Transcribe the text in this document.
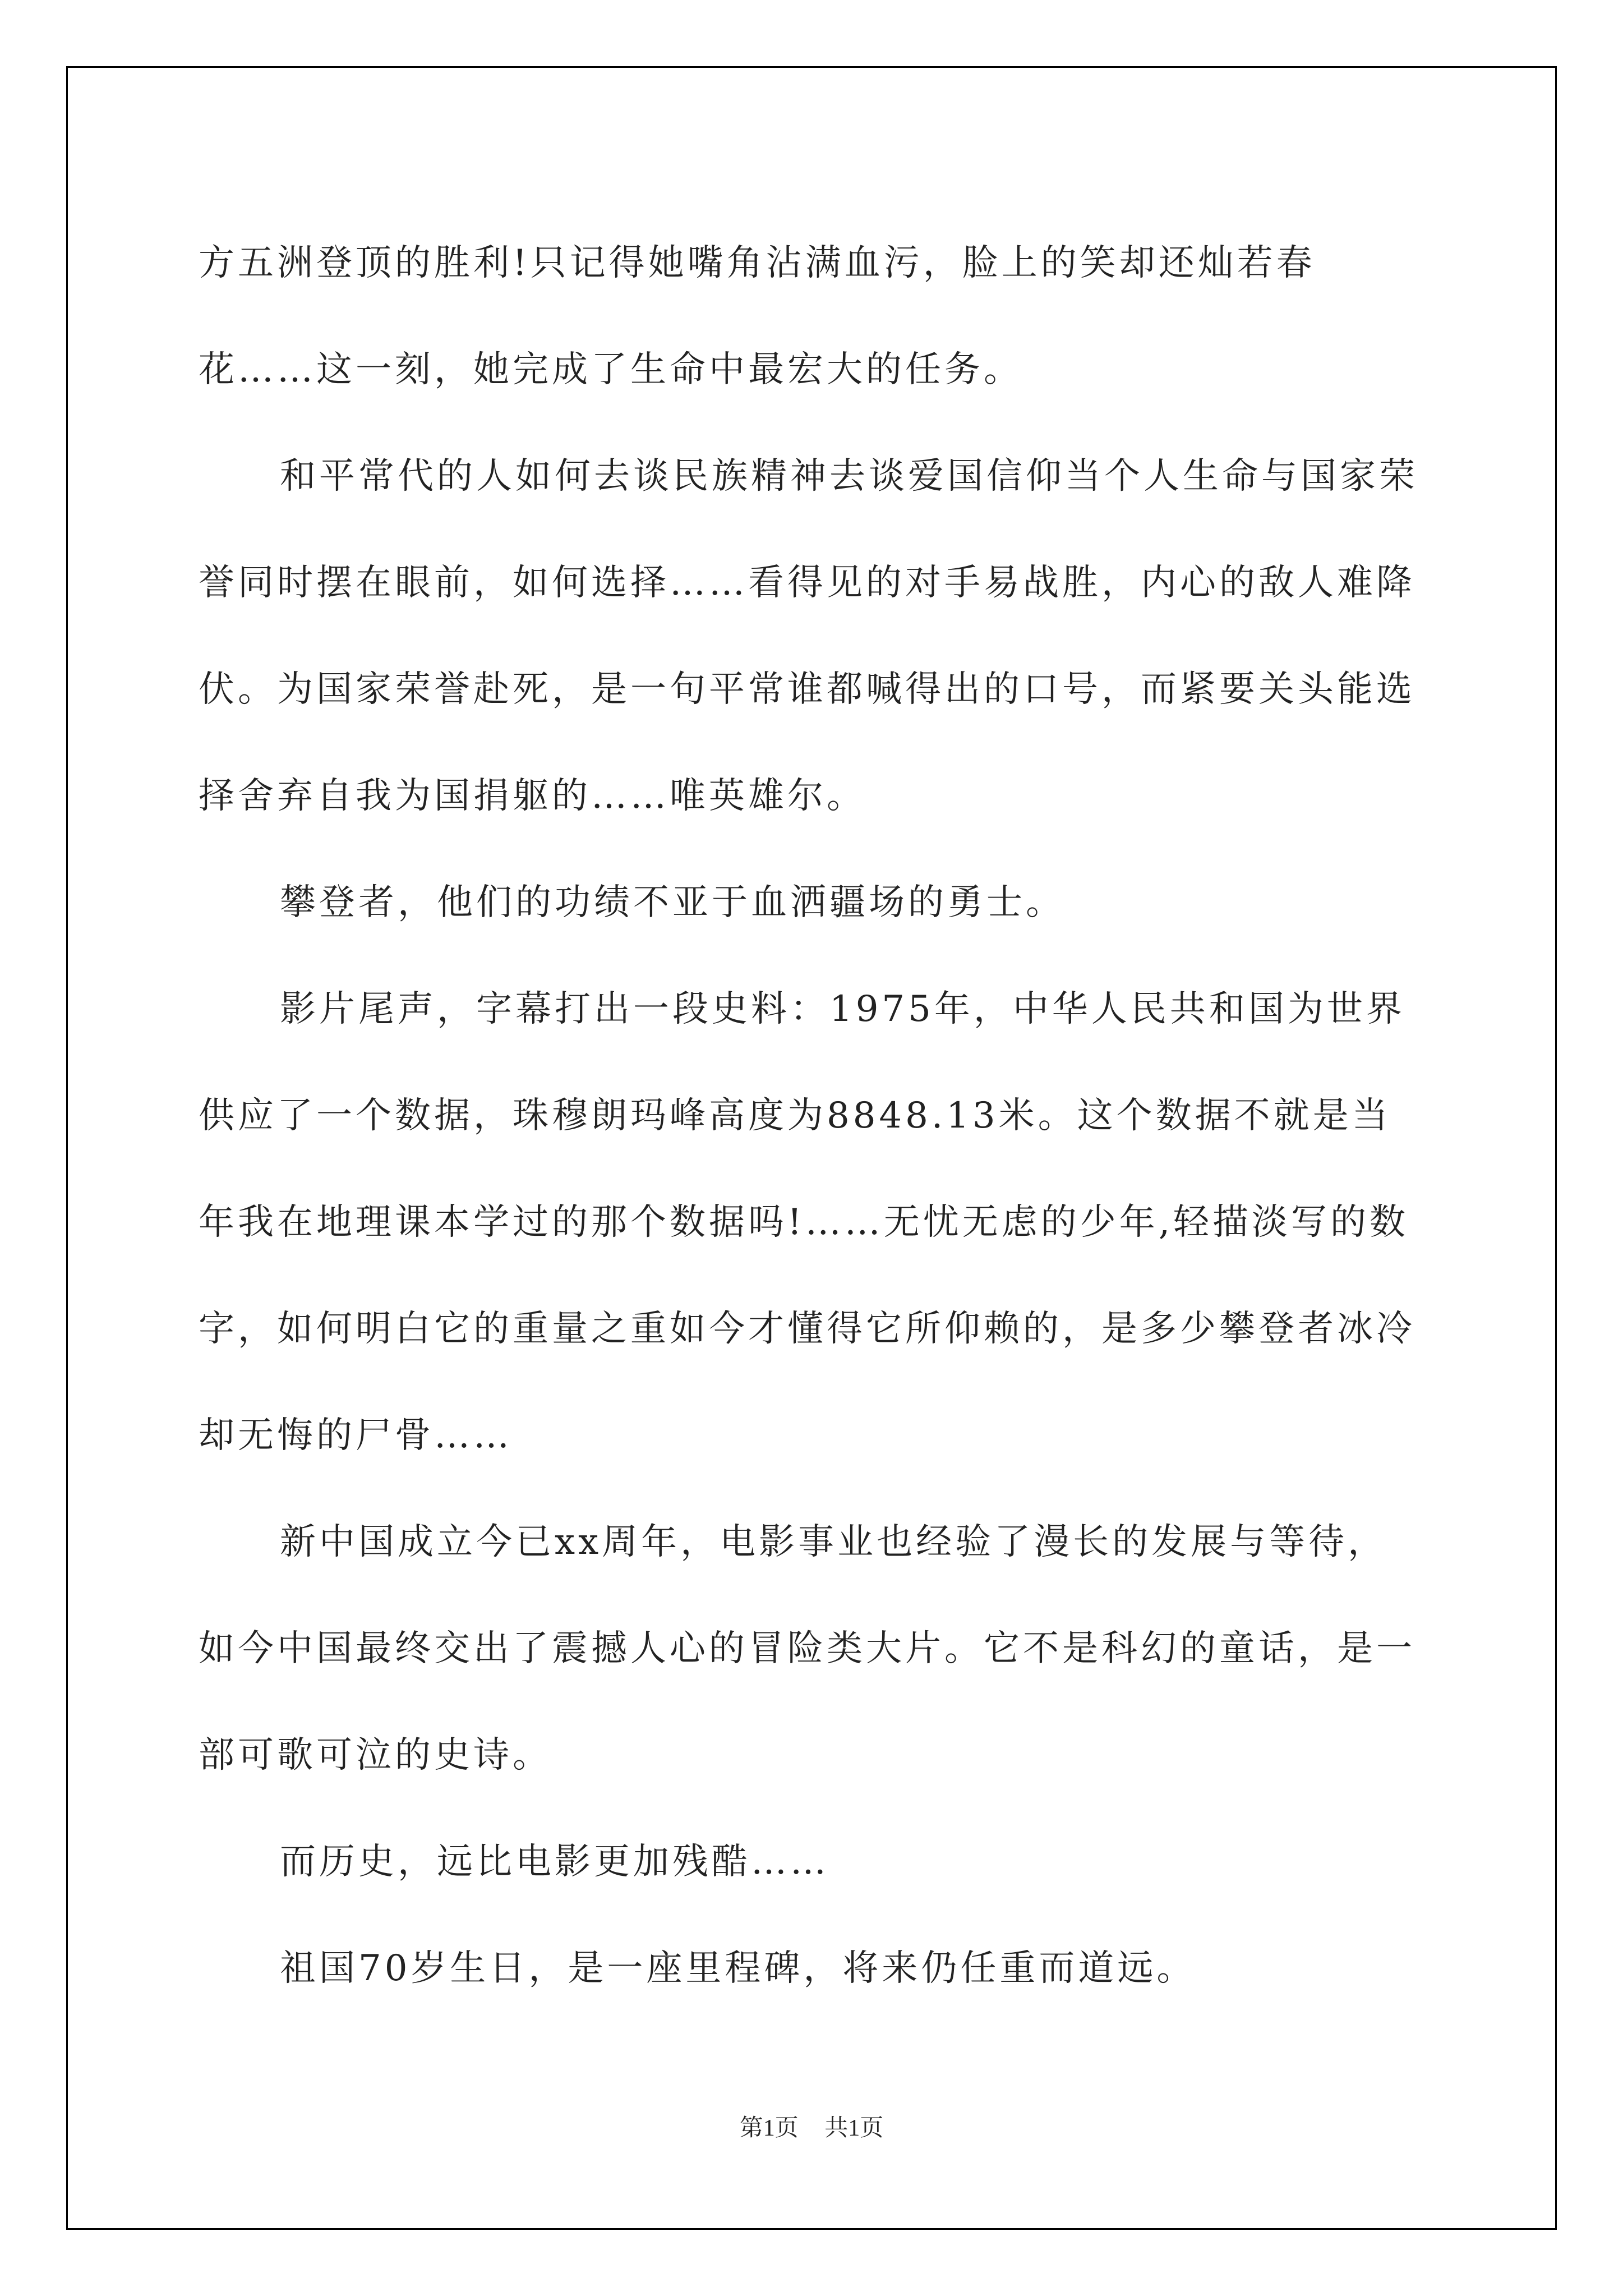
方五洲登顶的胜利!只记得她嘴角沾满血污，脸上的笑却还灿若春花……这一刻，她完成了生命中最宏大的任务。

和平常代的人如何去谈民族精神去谈爱国信仰当个人生命与国家荣誉同时摆在眼前，如何选择……看得见的对手易战胜，内心的敌人难降伏。为国家荣誉赴死，是一句平常谁都喊得出的口号，而紧要关头能选择舍弃自我为国捐躯的……唯英雄尔。

攀登者，他们的功绩不亚于血洒疆场的勇士。

影片尾声，字幕打出一段史料：1975年，中华人民共和国为世界供应了一个数据，珠穆朗玛峰高度为8848.13米。这个数据不就是当年我在地理课本学过的那个数据吗!……无忧无虑的少年,轻描淡写的数字，如何明白它的重量之重如今才懂得它所仰赖的，是多少攀登者冰冷却无悔的尸骨……

新中国成立今已xx周年，电影事业也经验了漫长的发展与等待，如今中国最终交出了震撼人心的冒险类大片。它不是科幻的童话，是一部可歌可泣的史诗。

而历史，远比电影更加残酷……

祖国70岁生日，是一座里程碑，将来仍任重而道远。

第1页 共1页
